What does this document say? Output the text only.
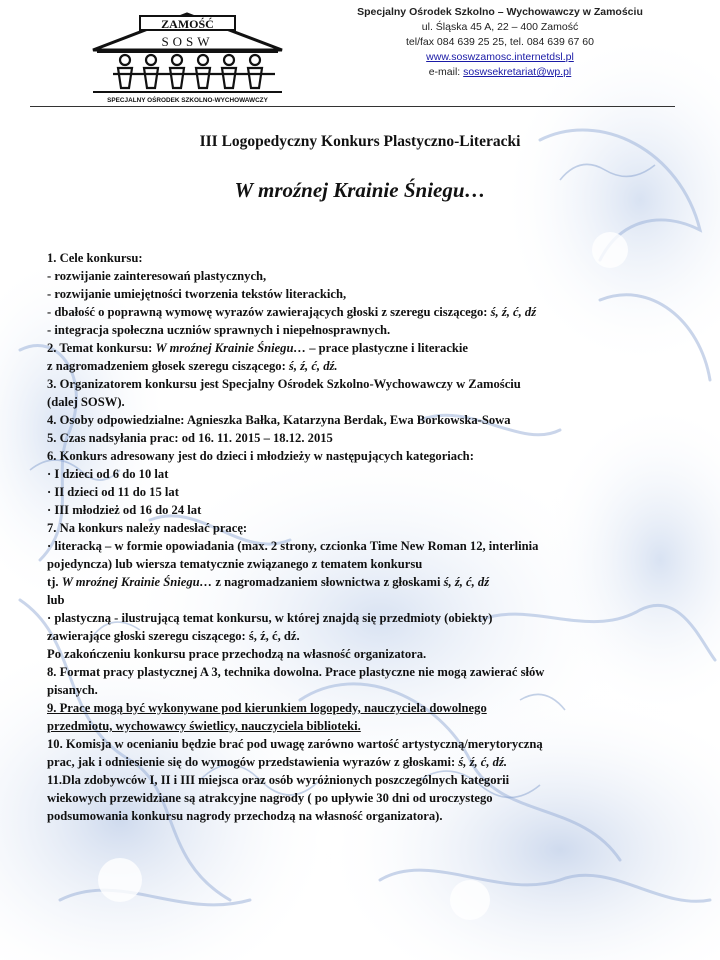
ZAMOŚĆ
SOSW
SPECJALNY OŚRODEK SZKOLNO-WYCHOWAWCZY
Specjalny Ośrodek Szkolno – Wychowawczy w Zamościu
ul. Śląska 45 A, 22 – 400 Zamość
tel/fax 084 639 25 25, tel. 084 639 67 60
www.soswzamosc.internetdsl.pl
e-mail: soswsekretariat@wp.pl
III Logopedyczny Konkurs Plastyczno-Literacki
W mroźnej Krainie Śniegu…
1. Cele konkursu:
- rozwijanie zainteresowań plastycznych,
- rozwijanie umiejętności tworzenia tekstów literackich,
- dbałość o poprawną wymowę wyrazów zawierających głoski z szeregu ciszącego: ś, ź, ć, dź
- integracja społeczna uczniów sprawnych i niepełnosprawnych.
2. Temat konkursu: W mroźnej Krainie Śniegu… – prace plastyczne i literackie
z nagromadzeniem głosek szeregu ciszącego: ś, ź, ć, dź.
3. Organizatorem konkursu jest Specjalny Ośrodek Szkolno-Wychowawczy w Zamościu
(dalej SOSW).
4. Osoby odpowiedzialne: Agnieszka Bałka, Katarzyna Berdak, Ewa Borkowska-Sowa
5. Czas nadsyłania prac: od 16. 11. 2015 – 18.12. 2015
6. Konkurs adresowany jest do dzieci i młodzieży w następujących kategoriach:
· I dzieci od 6 do 10 lat
· II dzieci od 11 do 15 lat
· III młodzież od 16 do 24 lat
7. Na konkurs należy nadesłać pracę:
· literacką – w formie opowiadania (max. 2 strony, czcionka Time New Roman 12, interlinia
pojedyncza) lub wiersza tematycznie związanego z tematem konkursu
tj. W mroźnej Krainie Śniegu… z nagromadzaniem słownictwa z głoskami ś, ź, ć, dź
lub
· plastyczną - ilustrującą temat konkursu, w której znajdą się przedmioty (obiekty)
zawierające głoski szeregu ciszącego: ś, ź, ć, dź.
Po zakończeniu konkursu prace przechodzą na własność organizatora.
8. Format pracy plastycznej A 3, technika dowolna. Prace plastyczne nie mogą zawierać słów
pisanych.
9. Prace mogą być wykonywane pod kierunkiem logopedy, nauczyciela dowolnego
przedmiotu, wychowawcy świetlicy, nauczyciela biblioteki.
10. Komisja w ocenianiu będzie brać pod uwagę zarówno wartość artystyczną/merytoryczną
prac, jak i odniesienie się do wymogów przedstawienia wyrazów z głoskami: ś, ź, ć, dź.
11.Dla zdobywców I, II i III miejsca oraz osób wyróżnionych poszczególnych kategorii
wiekowych przewidziane są atrakcyjne nagrody ( po upływie 30 dni od uroczystego
podsumowania konkursu nagrody przechodzą na własność organizatora).
